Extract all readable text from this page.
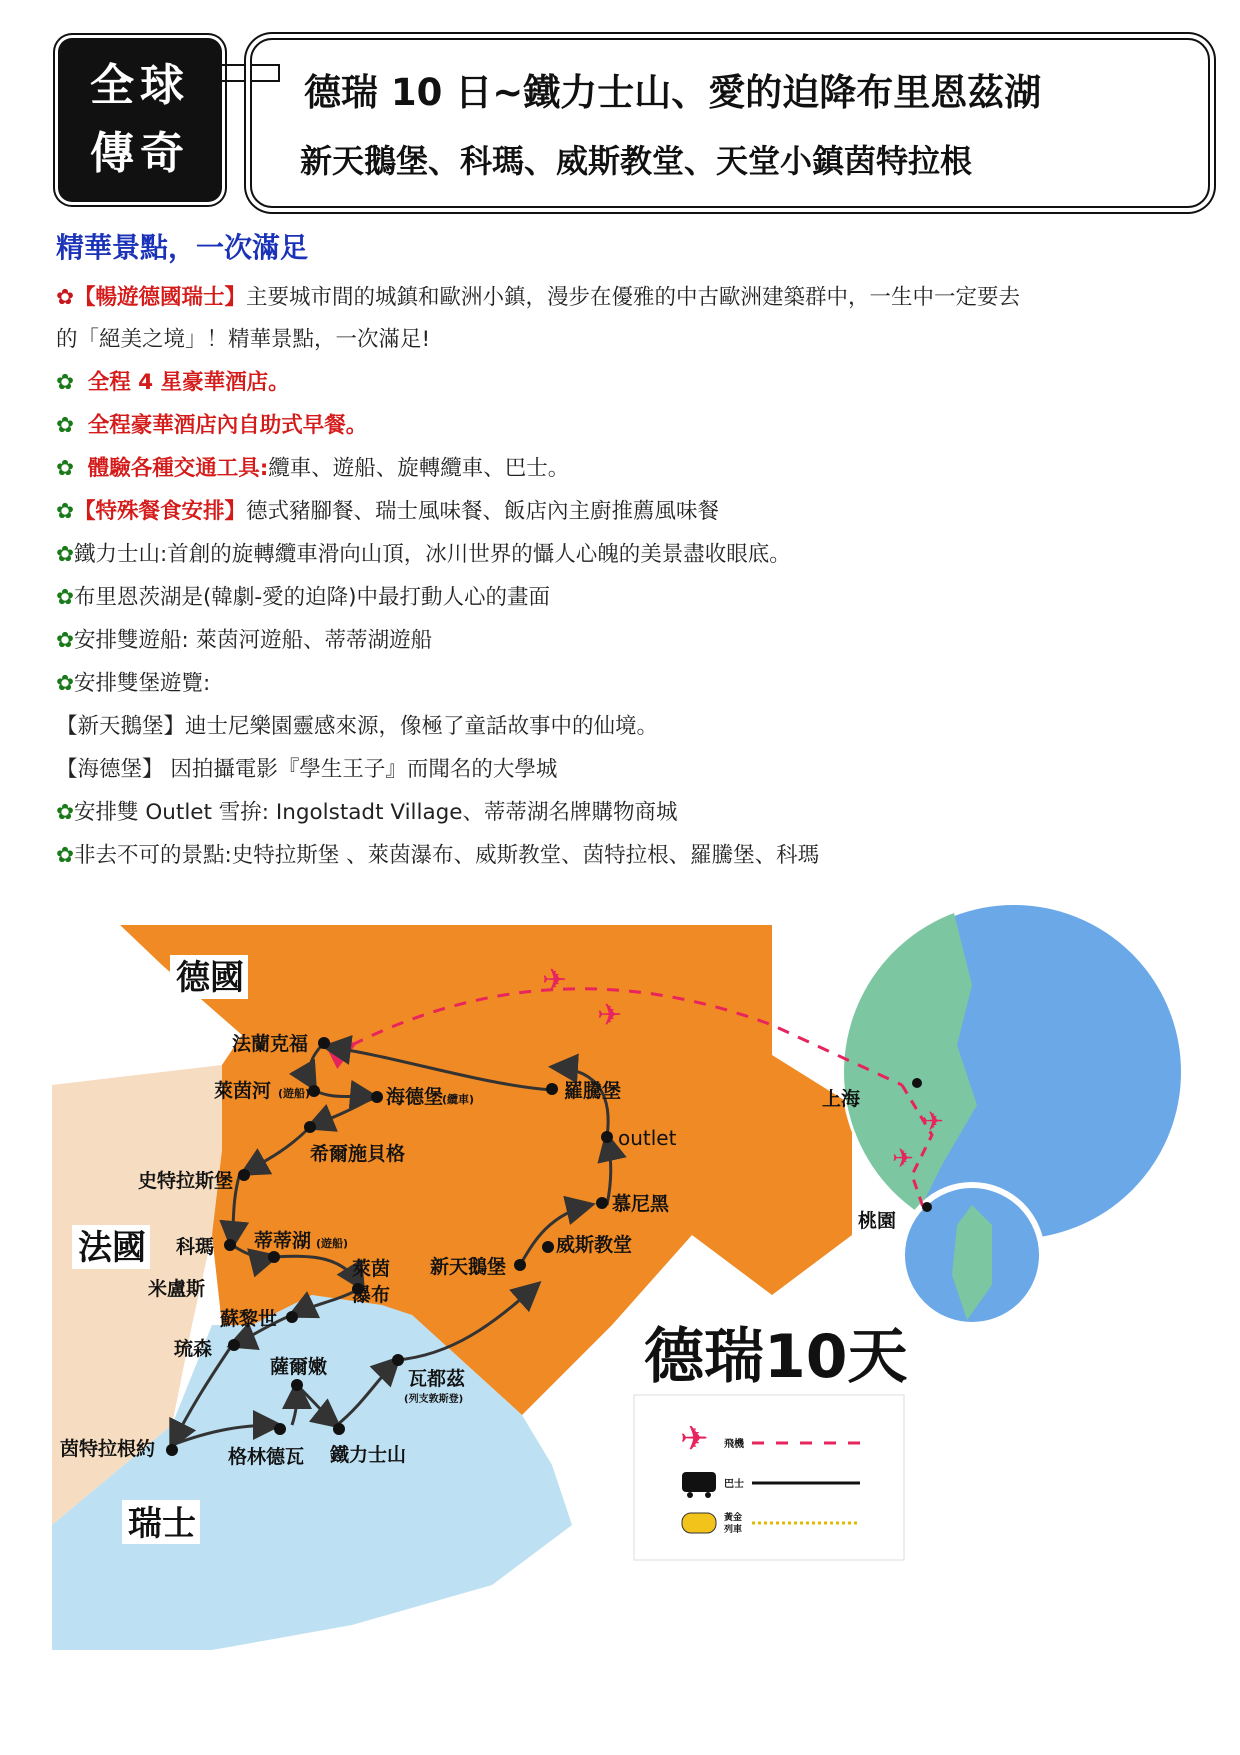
全球
傳奇
德瑞 10 日~鐵力士山、愛的迫降布里恩茲湖
新天鵝堡、科瑪、威斯教堂、天堂小鎮茵特拉根
精華景點，一次滿足
✿【暢遊德國瑞士】主要城市間的城鎮和歐洲小鎮，漫步在優雅的中古歐洲建築群中，一生中一定要去
的「絕美之境」！精華景點，一次滿足!
✿ 全程 4 星豪華酒店。
✿ 全程豪華酒店內自助式早餐。
✿ 體驗各種交通工具:纜車、遊船、旋轉纜車、巴士。
✿【特殊餐食安排】德式豬腳餐、瑞士風味餐、飯店內主廚推薦風味餐
✿鐵力士山:首創的旋轉纜車滑向山頂，冰川世界的懾人心魄的美景盡收眼底。
✿布里恩茨湖是(韓劇-愛的迫降)中最打動人心的畫面
✿安排雙遊船: 萊茵河遊船、蒂蒂湖遊船
✿安排雙堡遊覽:
【新天鵝堡】迪士尼樂園靈感來源，像極了童話故事中的仙境。
【海德堡】 因拍攝電影『學生王子』而聞名的大學城
✿安排雙 Outlet 雪拚: Ingolstadt Village、蒂蒂湖名牌購物商城
✿非去不可的景點:史特拉斯堡 、萊茵瀑布、威斯教堂、茵特拉根、羅騰堡、科瑪
✈
✈
✈
✈
德國
法國
瑞士
法蘭克福
萊茵河 (遊船)	海德堡
(纜車)	羅騰堡
outlet
希爾施貝格
史特拉斯堡
科瑪
米盧斯
蒂蒂湖 (遊船)
萊茵
瀑布
慕尼黑
威斯教堂
新天鵝堡
蘇黎世
琉森
薩爾嫩
瓦都茲
(列支敦斯登)
茵特拉根約	格林德瓦 鐵力士山
上海
桃園
德瑞10天
✈ 飛機
巴士
黃金
列車
